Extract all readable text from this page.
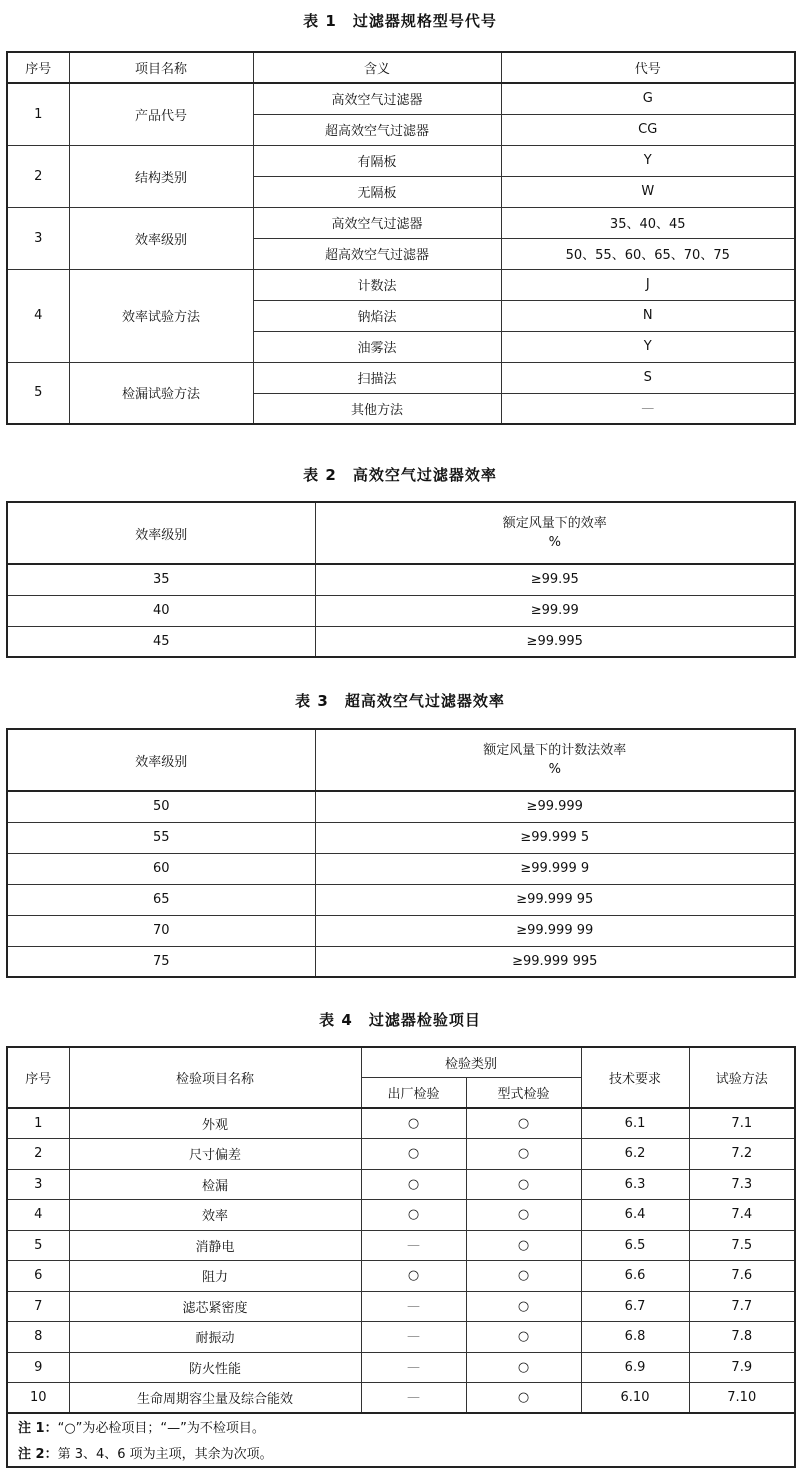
表 1　过滤器规格型号代号
序号	项目名称	含义	代号
1	产品代号	高效空气过滤器	G
		超高效空气过滤器	CG
2	结构类别	有隔板	Y
		无隔板	W
3	效率级别	高效空气过滤器	35、40、45
		超高效空气过滤器	50、55、60、65、70、75
4	效率试验方法	计数法	J
		钠焰法	N
		油雾法	Y
5	检漏试验方法	扫描法	S
		其他方法	—
表 2　高效空气过滤器效率
效率级别	额定风量下的效率
%

35	≥99.95
40	≥99.99
45	≥99.995
表 3　超高效空气过滤器效率
效率级别	额定风量下的计数法效率
%

50	≥99.999
55	≥99.999 5
60	≥99.999 9
65	≥99.999 95
70	≥99.999 99
75	≥99.999 995
表 4　过滤器检验项目
序号	检验项目名称	检验类别		技术要求	试验方法
		出厂检验	型式检验		
1	外观	○	○	6.1	7.1
2	尺寸偏差	○	○	6.2	7.2
3	检漏	○	○	6.3	7.3
4	效率	○	○	6.4	7.4
5	消静电	—	○	6.5	7.5
6	阻力	○	○	6.6	7.6
7	滤芯紧密度	—	○	6.7	7.7
8	耐振动	—	○	6.8	7.8
9	防火性能	—	○	6.9	7.9
10	生命周期容尘量及综合能效	—	○	6.10	7.10
注 1：“○”为必检项目；“—”为不检项目。					
注 2：第 3、4、6 项为主项，其余为次项。					
